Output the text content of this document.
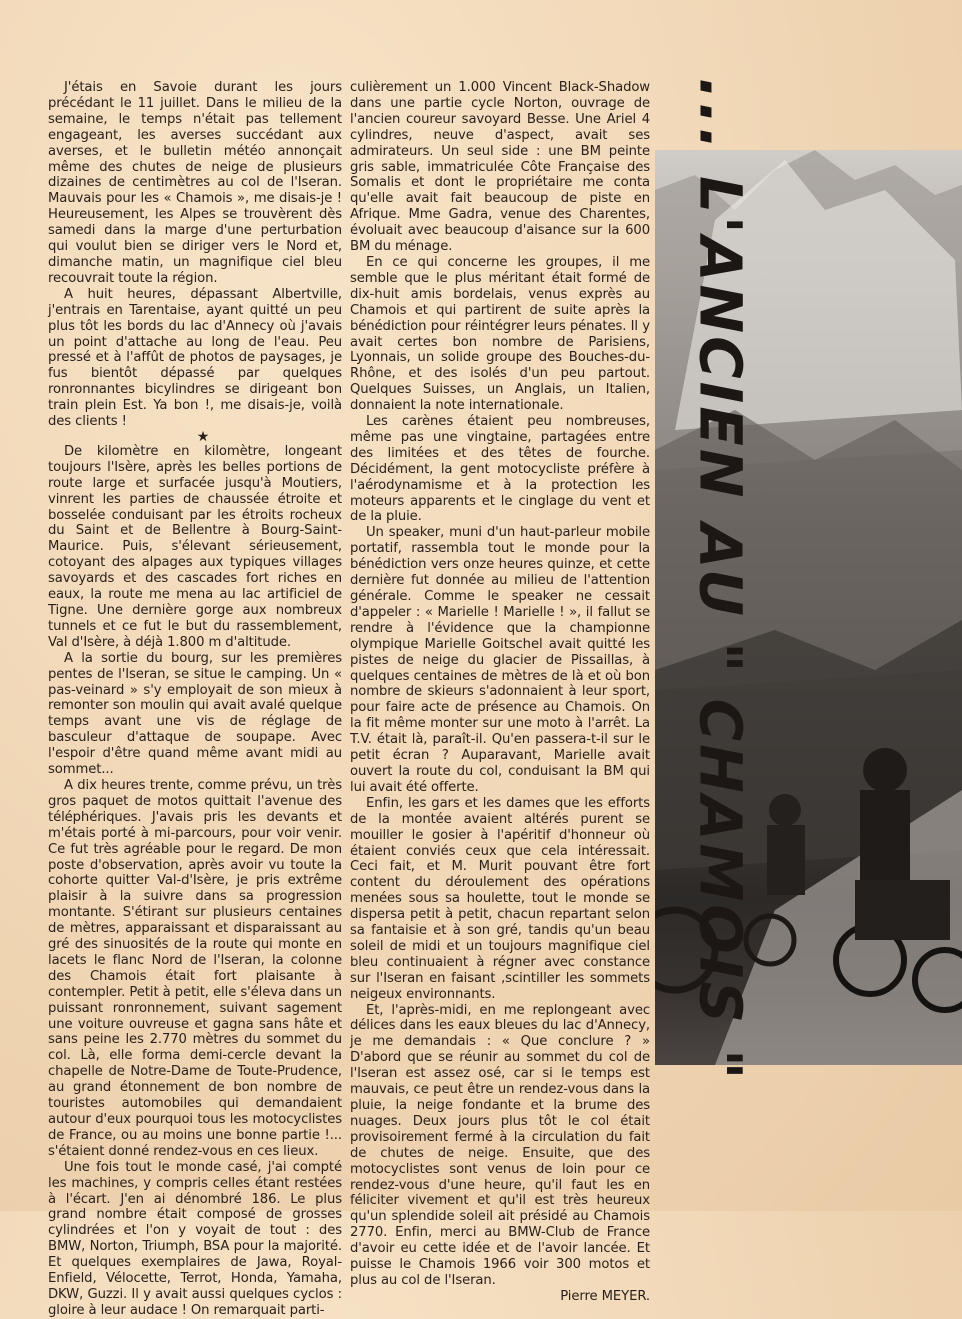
J'étais en Savoie durant les jours précédant le 11 juillet. Dans le milieu de la semaine, le temps n'était pas tellement engageant, les averses succédant aux averses, et le bulletin météo annonçait même des chutes de neige de plusieurs dizaines de centimètres au col de l'Iseran. Mauvais pour les « Chamois », me disais-je ! Heureusement, les Alpes se trouvèrent dès samedi dans la marge d'une perturbation qui voulut bien se diriger vers le Nord et, dimanche matin, un magnifique ciel bleu recouvrait toute la région.

A huit heures, dépassant Albertville, j'entrais en Tarentaise, ayant quitté un peu plus tôt les bords du lac d'Annecy où j'avais un point d'attache au long de l'eau. Peu pressé et à l'affût de photos de paysages, je fus bientôt dépassé par quelques ronronnantes bicylindres se dirigeant bon train plein Est. Ya bon !, me disais-je, voilà des clients !

★

De kilomètre en kilomètre, longeant toujours l'Isère, après les belles portions de route large et surfacée jusqu'à Moutiers, vinrent les parties de chaussée étroite et bosselée conduisant par les étroits rocheux du Saint et de Bellentre à Bourg-Saint-Maurice. Puis, s'élevant sérieusement, cotoyant des alpages aux typiques villages savoyards et des cascades fort riches en eaux, la route me mena au lac artificiel de Tigne. Une dernière gorge aux nombreux tunnels et ce fut le but du rassemblement, Val d'Isère, à déjà 1.800 m d'altitude.

A la sortie du bourg, sur les premières pentes de l'Iseran, se situe le camping. Un « pas-veinard » s'y employait de son mieux à remonter son moulin qui avait avalé quelque temps avant une vis de réglage de basculeur d'attaque de soupape. Avec l'espoir d'être quand même avant midi au sommet...

A dix heures trente, comme prévu, un très gros paquet de motos quittait l'avenue des téléphériques. J'avais pris les devants et m'étais porté à mi-parcours, pour voir venir. Ce fut très agréable pour le regard. De mon poste d'observation, après avoir vu toute la cohorte quitter Val-d'Isère, je pris extrême plaisir à la suivre dans sa progression montante. S'étirant sur plusieurs centaines de mètres, apparaissant et disparaissant au gré des sinuosités de la route qui monte en lacets le flanc Nord de l'Iseran, la colonne des Chamois était fort plaisante à contempler. Petit à petit, elle s'éleva dans un puissant ronronnement, suivant sagement une voiture ouvreuse et gagna sans hâte et sans peine les 2.770 mètres du sommet du col. Là, elle forma demi-cercle devant la chapelle de Notre-Dame de Toute-Prudence, au grand étonnement de bon nombre de touristes automobiles qui demandaient autour d'eux pourquoi tous les motocyclistes de France, ou au moins une bonne partie !... s'étaient donné rendez-vous en ces lieux.

Une fois tout le monde casé, j'ai compté les machines, y compris celles étant restées à l'écart. J'en ai dénombré 186. Le plus grand nombre était composé de grosses cylindrées et l'on y voyait de tout : des BMW, Norton, Triumph, BSA pour la majorité. Et quelques exemplaires de Jawa, Royal-Enfield, Vélocette, Terrot, Honda, Yamaha, DKW, Guzzi. Il y avait aussi quelques cyclos : gloire à leur audace ! On remarquait parti-

... L'ANCIEN AU " CHAMOIS "

culièrement un 1.000 Vincent Black-Shadow dans une partie cycle Norton, ouvrage de l'ancien coureur savoyard Besse. Une Ariel 4 cylindres, neuve d'aspect, avait ses admirateurs. Un seul side : une BM peinte gris sable, immatriculée Côte Française des Somalis et dont le propriétaire me conta qu'elle avait fait beaucoup de piste en Afrique. Mme Gadra, venue des Charentes, évoluait avec beaucoup d'aisance sur la 600 BM du ménage.

En ce qui concerne les groupes, il me semble que le plus méritant était formé de dix-huit amis bordelais, venus exprès au Chamois et qui partirent de suite après la bénédiction pour réintégrer leurs pénates. Il y avait certes bon nombre de Parisiens, Lyonnais, un solide groupe des Bouches-du-Rhône, et des isolés d'un peu partout. Quelques Suisses, un Anglais, un Italien, donnaient la note internationale.

Les carènes étaient peu nombreuses, même pas une vingtaine, partagées entre des limitées et des têtes de fourche. Décidément, la gent motocycliste préfère à l'aérodynamisme et à la protection les moteurs apparents et le cinglage du vent et de la pluie.

Un speaker, muni d'un haut-parleur mobile portatif, rassembla tout le monde pour la bénédiction vers onze heures quinze, et cette dernière fut donnée au milieu de l'attention générale. Comme le speaker ne cessait d'appeler : « Marielle ! Marielle ! », il fallut se rendre à l'évidence que la championne olympique Marielle Goitschel avait quitté les pistes de neige du glacier de Pissaillas, à quelques centaines de mètres de là et où bon nombre de skieurs s'adonnaient à leur sport, pour faire acte de présence au Chamois. On la fit même monter sur une moto à l'arrêt. La T.V. était là, paraît-il. Qu'en passera-t-il sur le petit écran ? Auparavant, Marielle avait ouvert la route du col, conduisant la BM qui lui avait été offerte.

Enfin, les gars et les dames que les efforts de la montée avaient altérés purent se mouiller le gosier à l'apéritif d'honneur où étaient conviés ceux que cela intéressait. Ceci fait, et M. Murit pouvant être fort content du déroulement des opérations menées sous sa houlette, tout le monde se dispersa petit à petit, chacun repartant selon sa fantaisie et à son gré, tandis qu'un beau soleil de midi et un toujours magnifique ciel bleu continuaient à régner avec constance sur l'Iseran en faisant ,scintiller les sommets neigeux environnants.

Et, l'après-midi, en me replongeant avec délices dans les eaux bleues du lac d'Annecy, je me demandais : « Que conclure ? » D'abord que se réunir au sommet du col de l'Iseran est assez osé, car si le temps est mauvais, ce peut être un rendez-vous dans la pluie, la neige fondante et la brume des nuages. Deux jours plus tôt le col était provisoirement fermé à la circulation du fait de chutes de neige. Ensuite, que des motocyclistes sont venus de loin pour ce rendez-vous d'une heure, qu'il faut les en féliciter vivement et qu'il est très heureux qu'un splendide soleil ait présidé au Chamois 2770. Enfin, merci au BMW-Club de France d'avoir eu cette idée et de l'avoir lancée. Et puisse le Chamois 1966 voir 300 motos et plus au col de l'Iseran.

Pierre MEYER.
